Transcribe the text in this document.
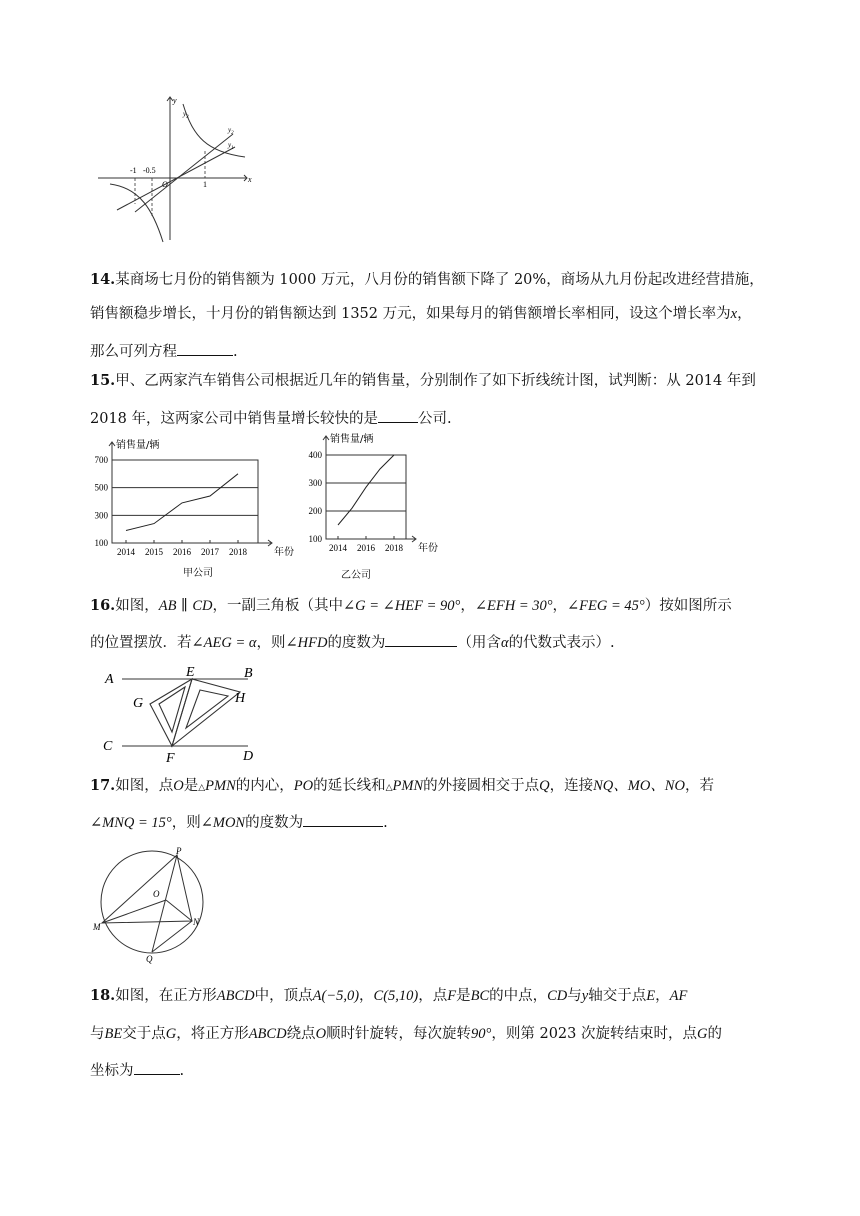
y
x
$y_3$
$y_2$
$y_1$
-1 -0.5
O	1
14.某商场七月份的销售额为 1000 万元，八月份的销售额下降了 20%，商场从九月份起改进经营措施，
销售额稳步增长，十月份的销售额达到 1352 万元，如果每月的销售额增长率相同，设这个增长率为x，
那么可列方程	.
15.甲、乙两家汽车销售公司根据近几年的销售量，分别制作了如下折线统计图，试判断：从 2014 年到
2018 年，这两家公司中销售量增长较快的是	公司.
100
300
500
700
2014 2015 2016 2017 2018
销售量/辆
年份
甲公司
100
200
300
400
2014 2016 2018
销售量/辆
年份
乙公司
16.如图，AB ∥ CD，一副三角板（其中∠G = ∠HEF = 90°，∠EFH = 30°，∠FEG = 45°）按如图所示
的位置摆放．若∠AEG = α，则∠HFD的度数为	（用含α的代数式表示）.
A	B
C
D
E
F
G	H
17.如图，点O是△PMN的内心，PO的延长线和△PMN的外接圆相交于点Q，连接NQ、MO、NO，若
∠MNQ = 15°，则∠MON的度数为	.
P
O
M	N
Q
18.如图，在正方形ABCD中，顶点A(−5,0)，C(5,10)，点F是BC的中点，CD与y轴交于点E，AF
与BE交于点G，将正方形ABCD绕点O顺时针旋转，每次旋转90°，则第 2023 次旋转结束时，点G的
坐标为	.
